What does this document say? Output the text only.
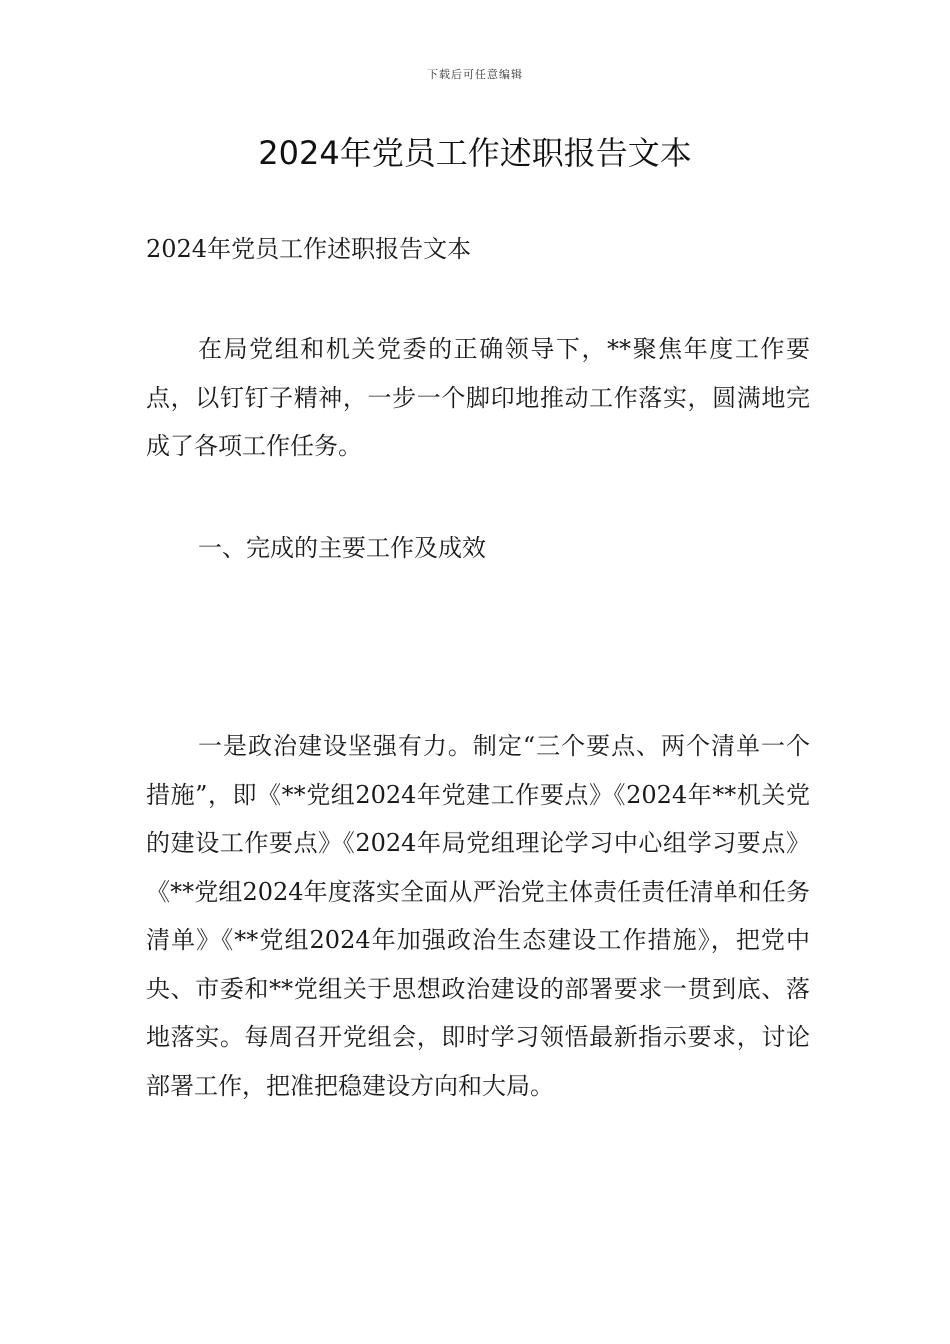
下载后可任意编辑
2024年党员工作述职报告文本

2024年党员工作述职报告文本

在局党组和机关党委的正确领导下，**聚焦年度工作要点，以钉钉子精神，一步一个脚印地推动工作落实，圆满地完成了各项工作任务。

一、完成的主要工作及成效

一是政治建设坚强有力。制定“三个要点、两个清单一个措施”，即《**党组2024年党建工作要点》《2024年**机关党的建设工作要点》《2024年局党组理论学习中心组学习要点》《**党组2024年度落实全面从严治党主体责任责任清单和任务清单》《**党组2024年加强政治生态建设工作措施》，把党中央、市委和**党组关于思想政治建设的部署要求一贯到底、落地落实。每周召开党组会，即时学习领悟最新指示要求，讨论部署工作，把准把稳建设方向和大局。
